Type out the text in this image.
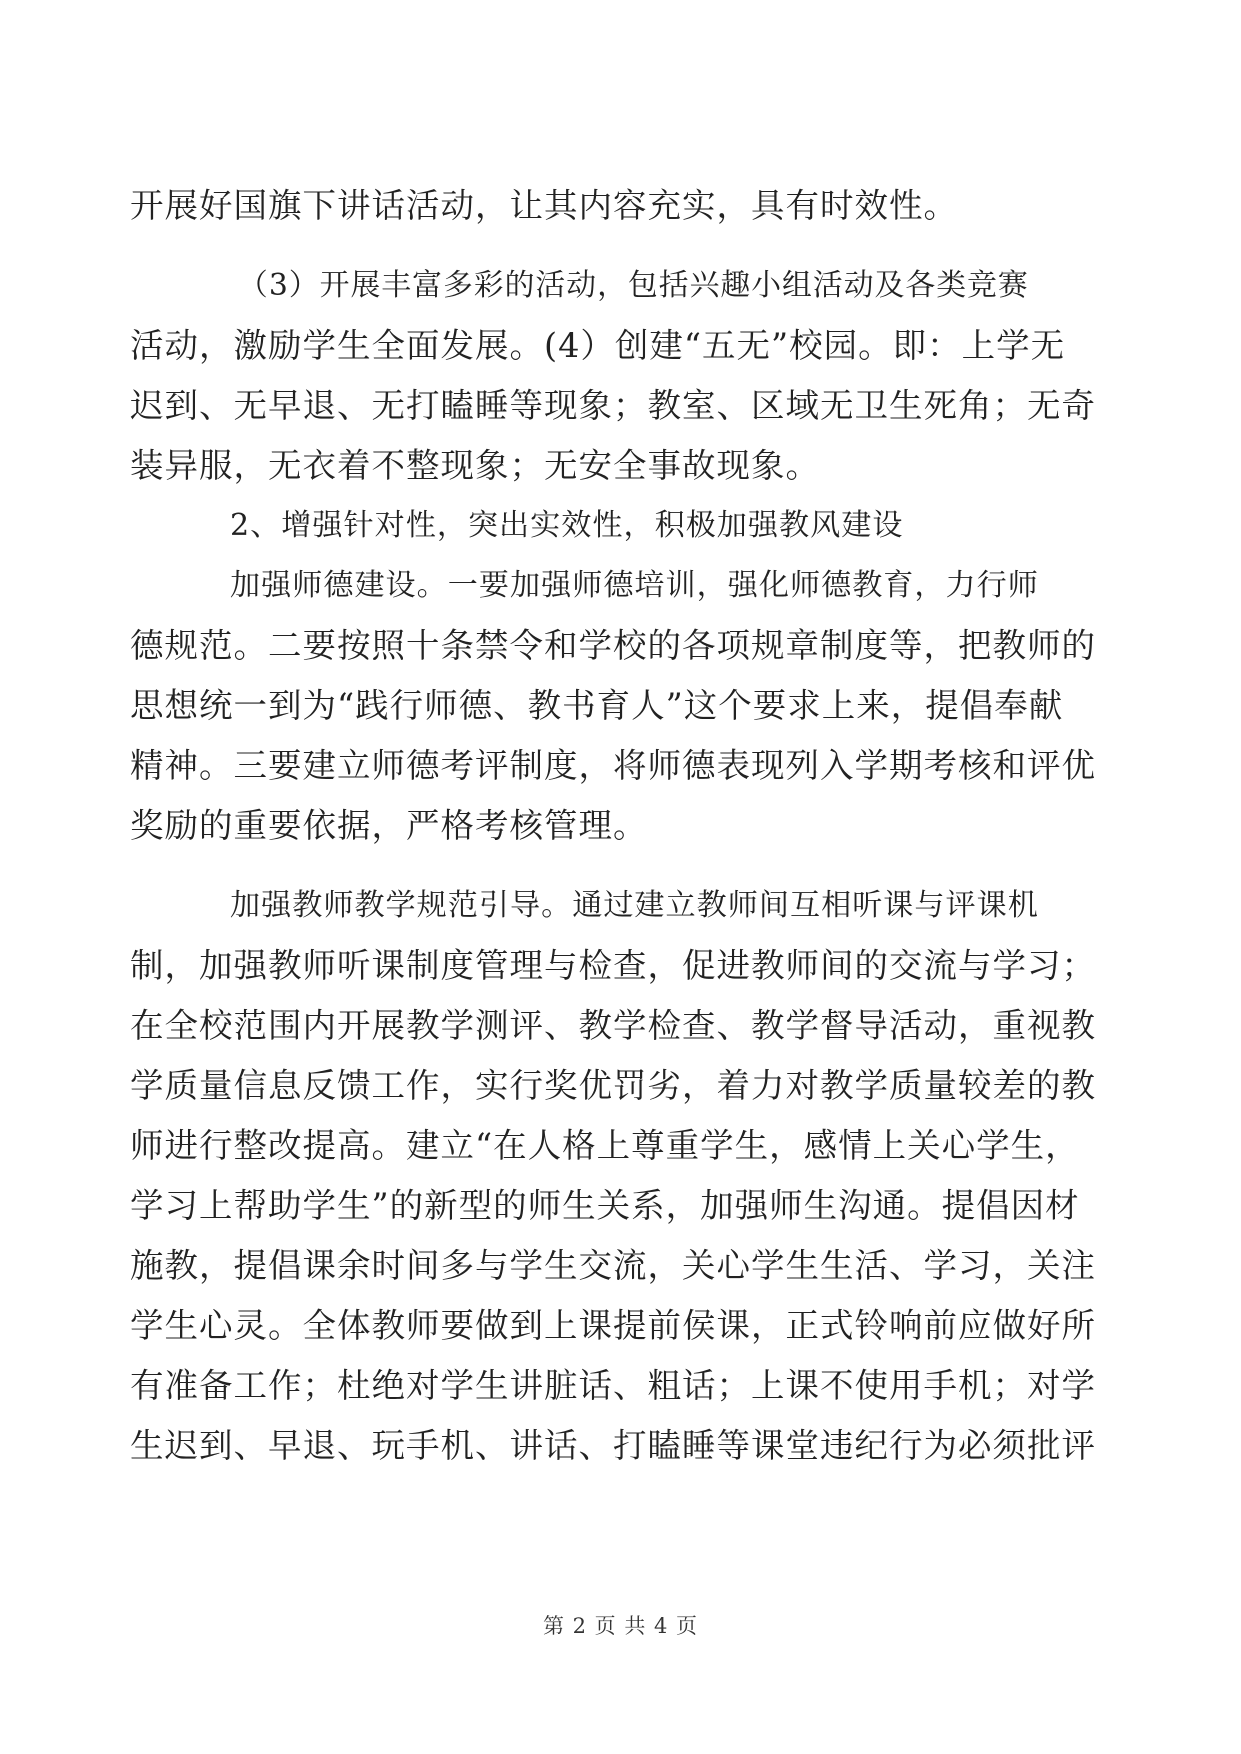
开展好国旗下讲话活动，让其内容充实，具有时效性。
（3）开展丰富多彩的活动，包括兴趣小组活动及各类竞赛
活动，激励学生全面发展。(4）创建“五无”校园。即：上学无
迟到、无早退、无打瞌睡等现象；教室、区域无卫生死角；无奇
装异服，无衣着不整现象；无安全事故现象。
2、增强针对性，突出实效性，积极加强教风建设
加强师德建设。一要加强师德培训，强化师德教育，力行师
德规范。二要按照十条禁令和学校的各项规章制度等，把教师的
思想统一到为“践行师德、教书育人”这个要求上来，提倡奉献
精神。三要建立师德考评制度，将师德表现列入学期考核和评优
奖励的重要依据，严格考核管理。
加强教师教学规范引导。通过建立教师间互相听课与评课机
制，加强教师听课制度管理与检查，促进教师间的交流与学习；
在全校范围内开展教学测评、教学检查、教学督导活动，重视教
学质量信息反馈工作，实行奖优罚劣，着力对教学质量较差的教
师进行整改提高。建立“在人格上尊重学生，感情上关心学生，
学习上帮助学生”的新型的师生关系，加强师生沟通。提倡因材
施教，提倡课余时间多与学生交流，关心学生生活、学习，关注
学生心灵。全体教师要做到上课提前侯课，正式铃响前应做好所
有准备工作；杜绝对学生讲脏话、粗话；上课不使用手机；对学
生迟到、早退、玩手机、讲话、打瞌睡等课堂违纪行为必须批评
第 2 页 共 4 页
